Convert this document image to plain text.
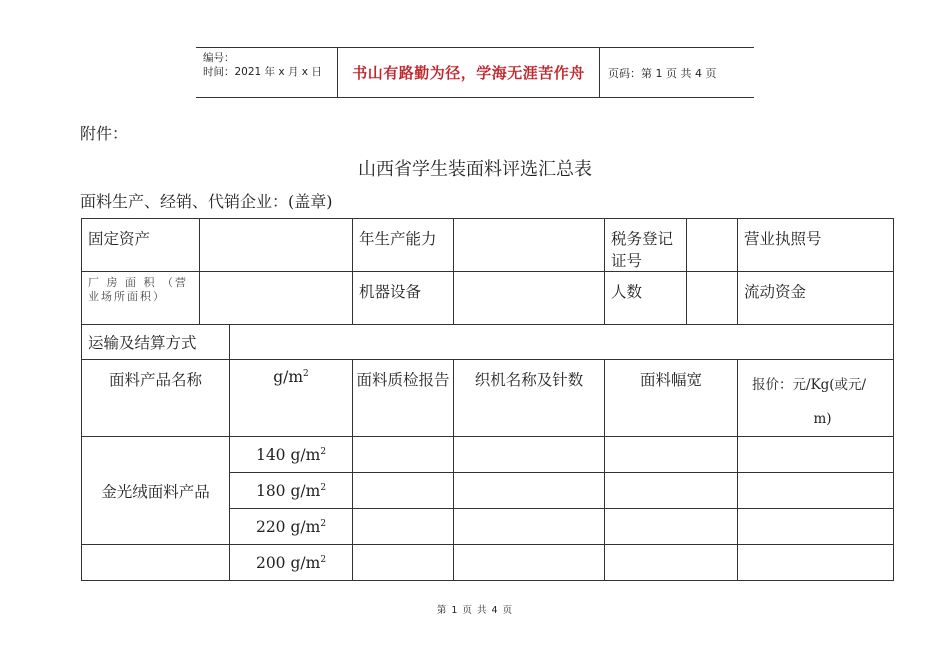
编号：
时间：2021 年 x 月 x 日	书山有路勤为径，学海无涯苦作舟	页码：第 1 页 共 4 页
附件：
山西省学生装面料评选汇总表
面料生产、经销、代销企业：(盖章)
固定资产			年生产能力		税务登记证号		营业执照号	
厂 房 面 积 （营业场所面积）			机器设备		人数		流动资金	
运输及结算方式								
面料产品名称		$g/m^2$	面料质检报告	织机名称及针数	面料幅宽		报价：元/Kg(或元/
m)	

金光绒面料产品		140 $g/m^2$				
		180 $g/m^2$				
		220 $g/m^2$				
		200 $g/m^2$				
第 1 页 共 4 页
